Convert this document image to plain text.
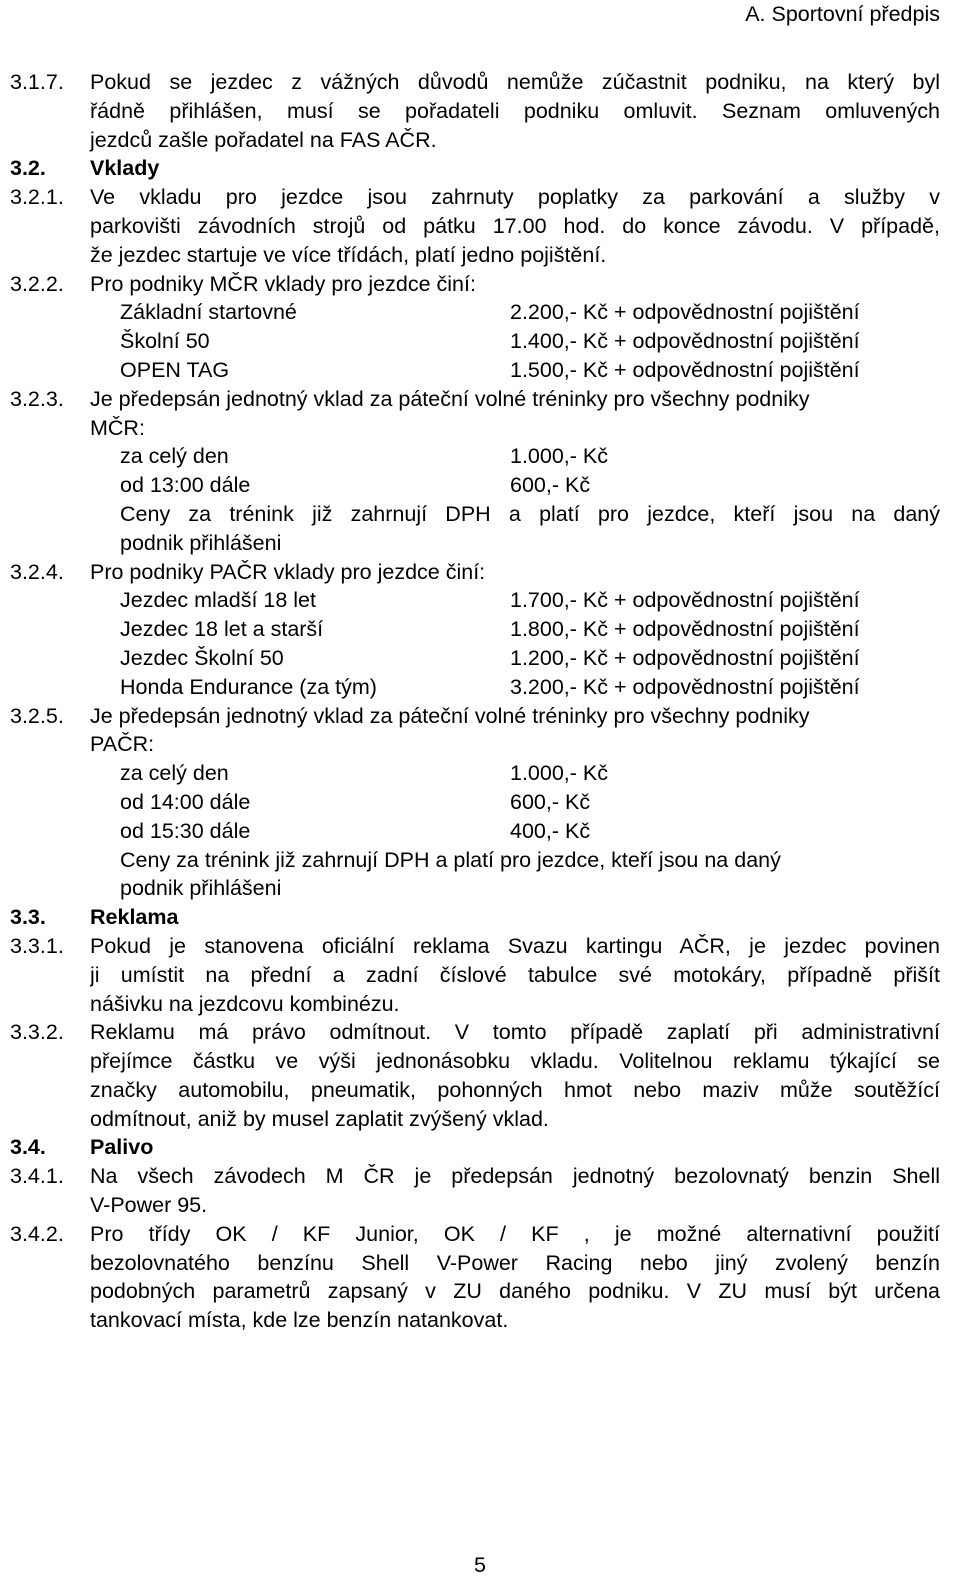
A. Sportovní předpis
3.1.7. Pokud se jezdec z vážných důvodů nemůže zúčastnit podniku, na který byl
řádně přihlášen, musí se pořadateli podniku omluvit. Seznam omluvených
jezdců zašle pořadatel na FAS AČR.
3.2. Vklady
3.2.1. Ve vkladu pro jezdce jsou zahrnuty poplatky za parkování a služby v
parkovišti závodních strojů od pátku 17.00 hod. do konce závodu. V případě,
že jezdec startuje ve více třídách, platí jedno pojištění.
3.2.2. Pro podniky MČR vklady pro jezdce činí:
Základní startovné	2.200,- Kč + odpovědnostní pojištění
Školní 50	1.400,- Kč + odpovědnostní pojištění
OPEN TAG	1.500,- Kč + odpovědnostní pojištění
3.2.3. Je předepsán jednotný vklad za páteční volné tréninky pro všechny podniky
MČR:
za celý den	1.000,- Kč
od 13:00 dále	600,- Kč
Ceny za trénink již zahrnují DPH a platí pro jezdce, kteří jsou na daný
podnik přihlášeni
3.2.4. Pro podniky PAČR vklady pro jezdce činí:
Jezdec mladší 18 let	1.700,- Kč + odpovědnostní pojištění
Jezdec 18 let a starší	1.800,- Kč + odpovědnostní pojištění
Jezdec Školní 50	1.200,- Kč + odpovědnostní pojištění
Honda Endurance (za tým)	3.200,- Kč + odpovědnostní pojištění
3.2.5. Je předepsán jednotný vklad za páteční volné tréninky pro všechny podniky
PAČR:
za celý den	1.000,- Kč
od 14:00 dále	600,- Kč
od 15:30 dále	400,- Kč
Ceny za trénink již zahrnují DPH a platí pro jezdce, kteří jsou na daný
podnik přihlášeni
3.3. Reklama
3.3.1. Pokud je stanovena oficiální reklama Svazu kartingu AČR, je jezdec povinen
ji umístit na přední a zadní číslové tabulce své motokáry, případně přišít
nášivku na jezdcovu kombinézu.
3.3.2. Reklamu má právo odmítnout. V tomto případě zaplatí při administrativní
přejímce částku ve výši jednonásobku vkladu. Volitelnou reklamu týkající se
značky automobilu, pneumatik, pohonných hmot nebo maziv může soutěžící
odmítnout, aniž by musel zaplatit zvýšený vklad.
3.4. Palivo
3.4.1. Na všech závodech M ČR je předepsán jednotný bezolovnatý benzin Shell
V-Power 95.
3.4.2. Pro třídy OK / KF Junior, OK / KF , je možné alternativní použití
bezolovnatého benzínu Shell V-Power Racing nebo jiný zvolený benzín
podobných parametrů zapsaný v ZU daného podniku. V ZU musí být určena
tankovací místa, kde lze benzín natankovat.
5
